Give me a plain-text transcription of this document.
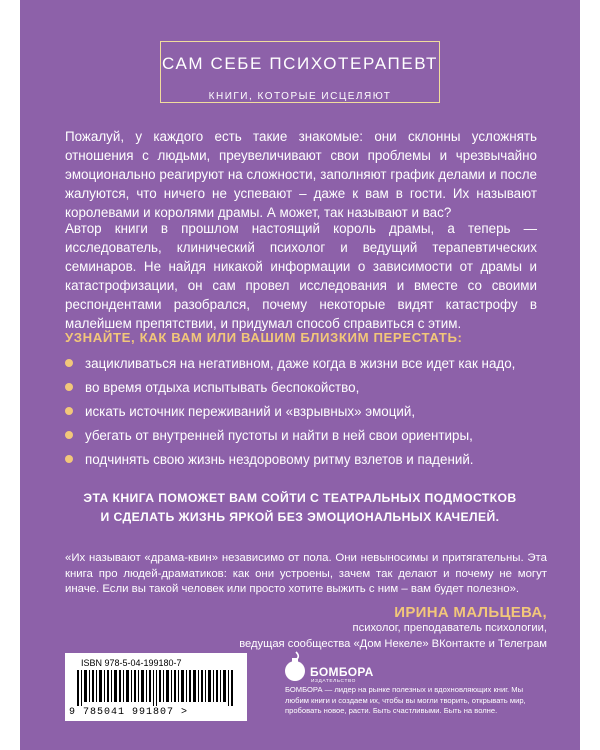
САМ СЕБЕ ПСИХОТЕРАПЕВТ
КНИГИ, КОТОРЫЕ ИСЦЕЛЯЮТ
Пожалуй, у каждого есть такие знакомые: они склонны усложнять отношения с людьми, преувеличивают свои проблемы и чрезвычайно эмоционально реагируют на сложности, заполняют график делами и после жалуются, что ничего не успевают – даже к вам в гости. Их называют королевами и королями драмы. А может, так называют и вас?
Автор книги в прошлом настоящий король драмы, а теперь — исследователь, клинический психолог и ведущий терапевтических семинаров. Не найдя никакой информации о зависимости от драмы и катастрофизации, он сам провел исследования и вместе со своими респондентами разобрался, почему некоторые видят катастрофу в малейшем препятствии, и придумал способ справиться с этим.
УЗНАЙТЕ, КАК ВАМ ИЛИ ВАШИМ БЛИЗКИМ ПЕРЕСТАТЬ:
зацикливаться на негативном, даже когда в жизни все идет как надо,
во время отдыха испытывать беспокойство,
искать источник переживаний и «взрывных» эмоций,
убегать от внутренней пустоты и найти в ней свои ориентиры,
подчинять свою жизнь нездоровому ритму взлетов и падений.
ЭТА КНИГА ПОМОЖЕТ ВАМ СОЙТИ С ТЕАТРАЛЬНЫХ ПОДМОСТКОВ
И СДЕЛАТЬ ЖИЗНЬ ЯРКОЙ БЕЗ ЭМОЦИОНАЛЬНЫХ КАЧЕЛЕЙ.
«Их называют «драма-квин» независимо от пола. Они невыносимы и притягательны. Эта книга про людей-драматиков: как они устроены, зачем так делают и почему не могут иначе. Если вы такой человек или просто хотите выжить с ним – вам будет полезно».
ИРИНА МАЛЬЦЕВА,
психолог, преподаватель психологии,
ведущая сообщества «Дом Некеле» ВКонтакте и Телеграм
ISBN 978-5-04-199180-7
9 785041 991807 >
БОМБОРА
ИЗДАТЕЛЬСТВО
БОМБОРА — лидер на рынке полезных и вдохновляющих книг. Мы любим книги и создаем их, чтобы вы могли творить, открывать мир, пробовать новое, расти. Быть счастливыми. Быть на волне.
